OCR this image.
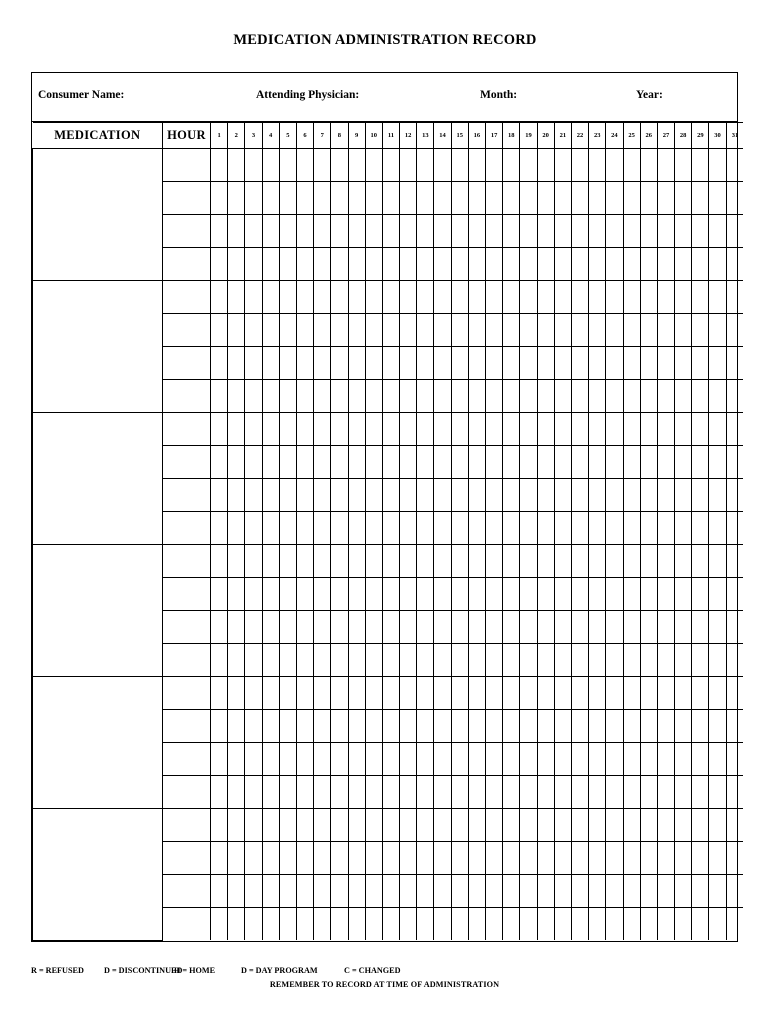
MEDICATION ADMINISTRATION RECORD
Consumer Name:	Attending Physician:	Month:	Year:
MEDICATION	HOUR	1	2	3	4	5	6	7	8	9	10	11	12	13	14	15	16	17	18	19	20	21	22	23	24	25	26	27	28	29	30	31

R = REFUSED D = DISCONTINUED
H = HOME	D = DAY PROGRAM	C = CHANGED
REMEMBER TO RECORD AT TIME OF ADMINISTRATION
